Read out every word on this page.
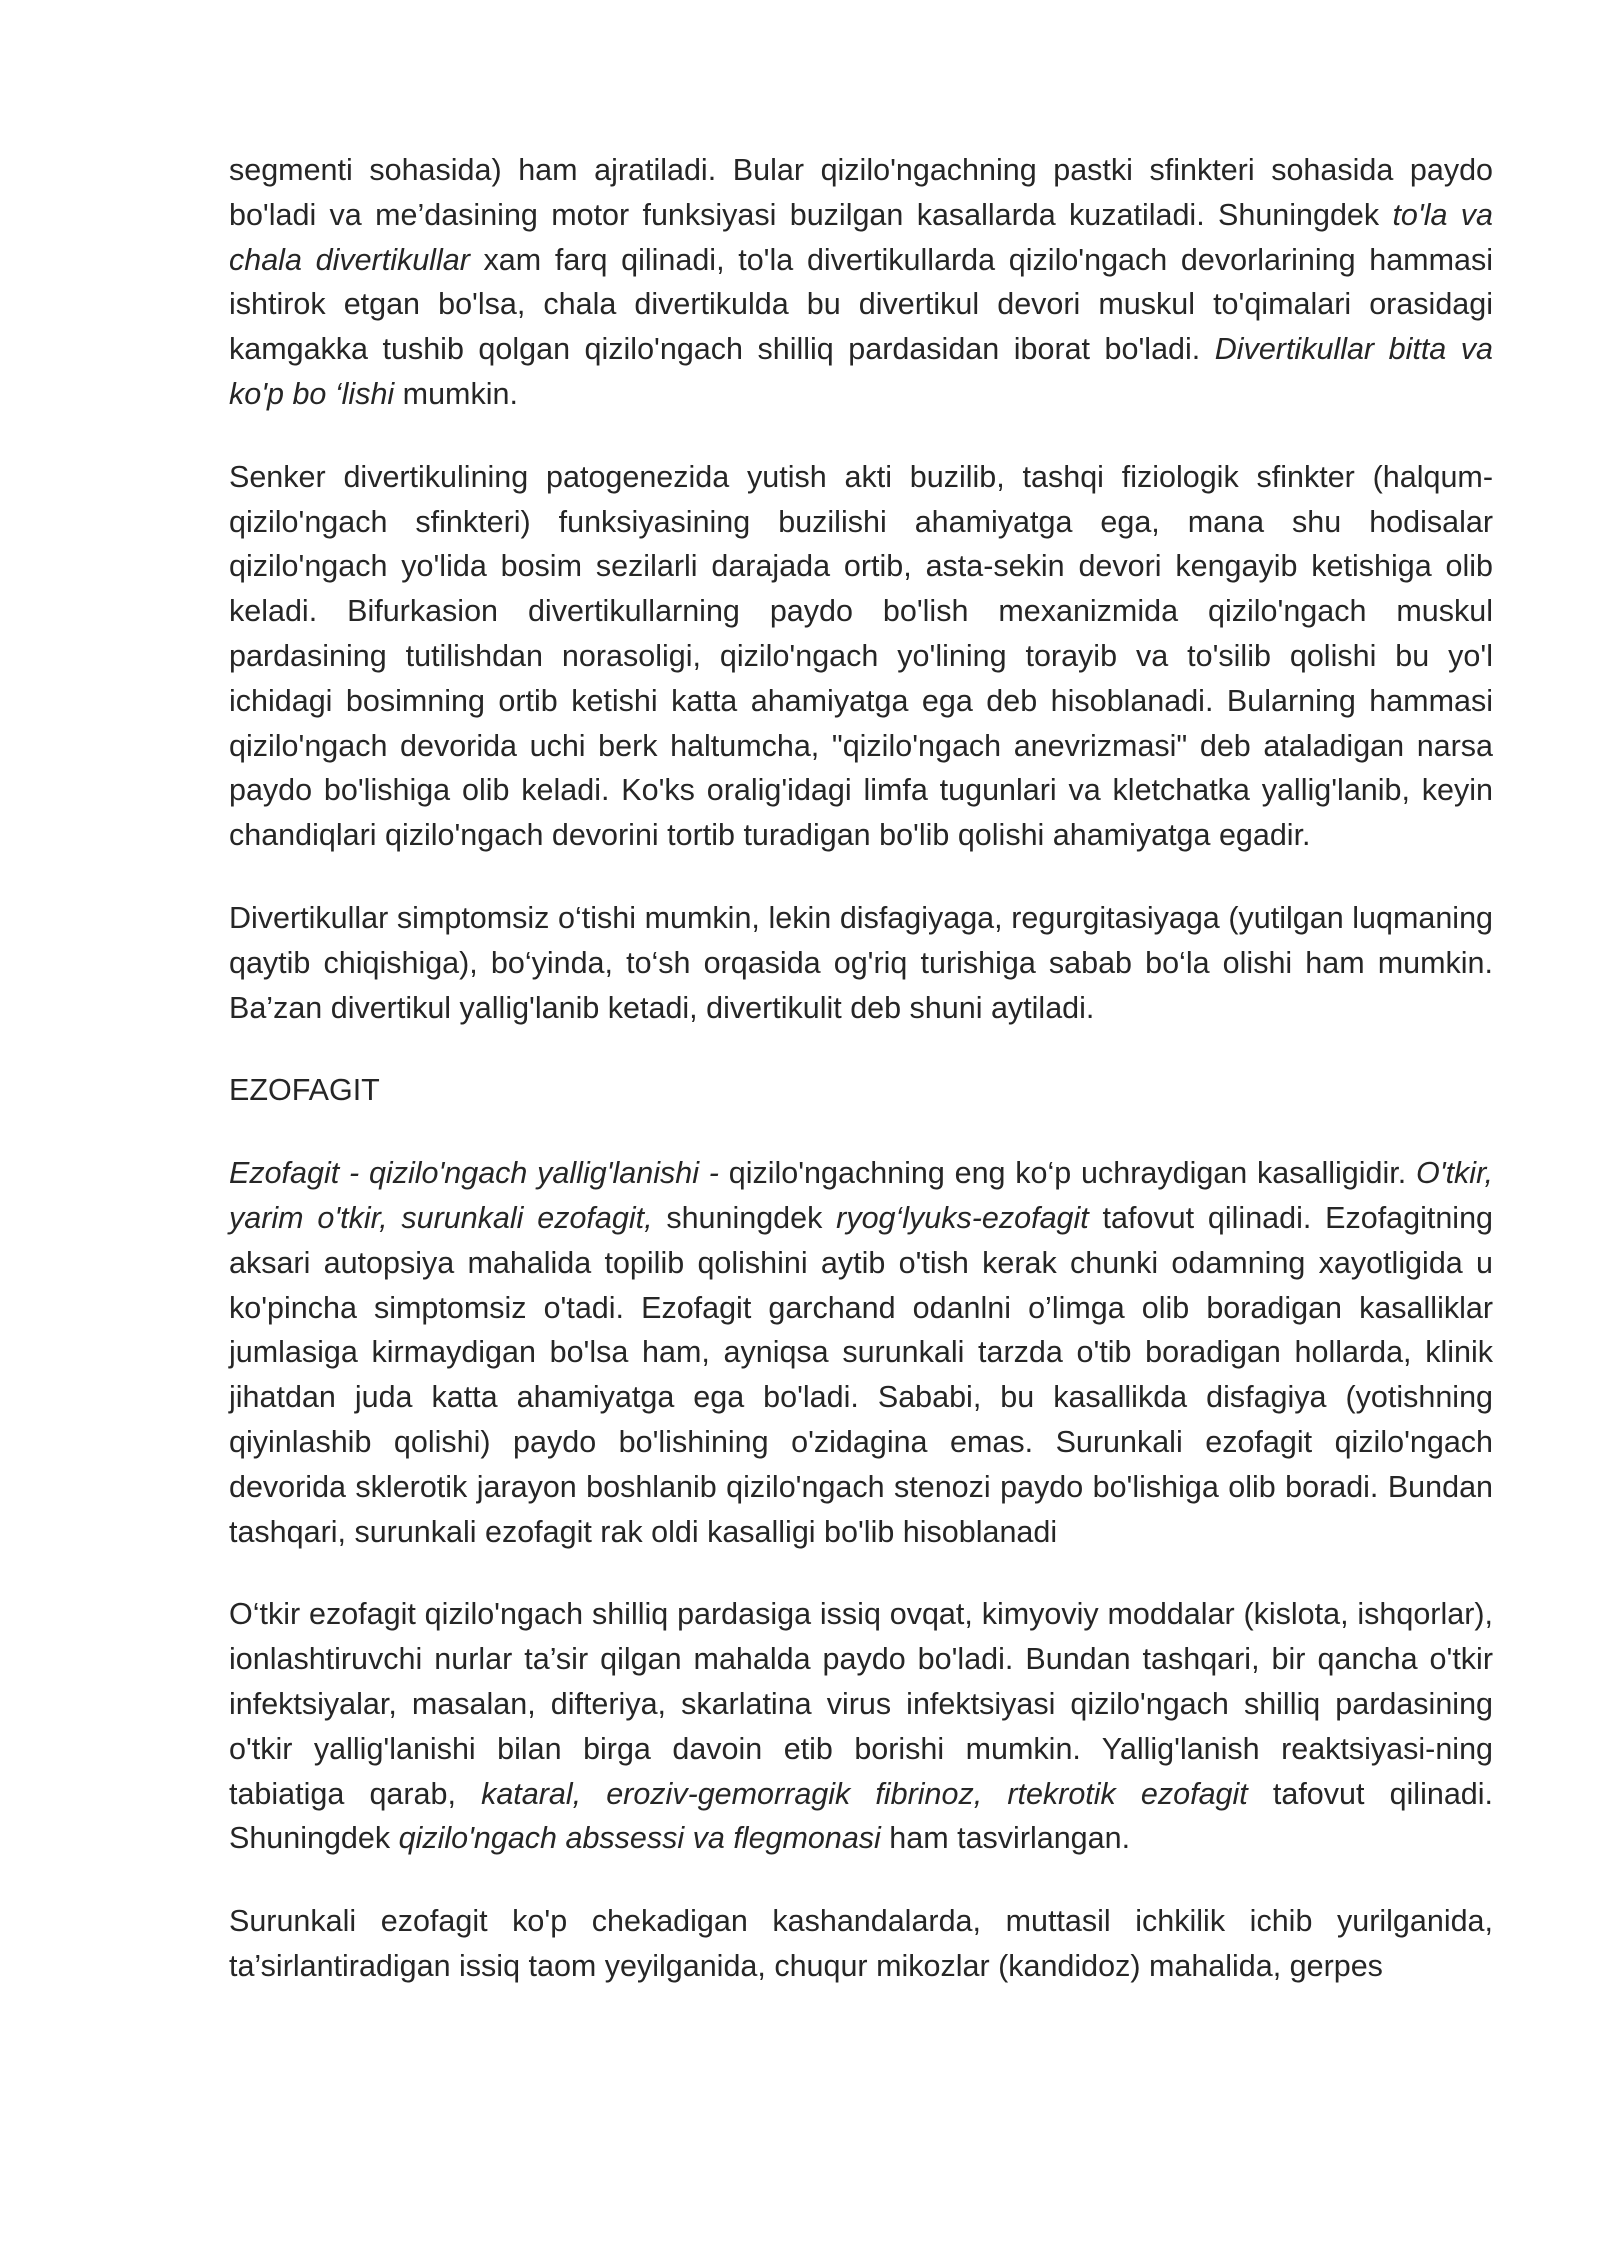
segmenti sohasida) ham ajratiladi. Bular qizilo'ngachning pastki sfinkteri sohasida paydo bo'ladi va me’dasining motor funksiyasi buzilgan kasallarda kuzatiladi. Shuningdek to'la va chala divertikullar xam farq qilinadi, to'la divertikullarda qizilo'ngach devorlarining hammasi ishtirok etgan bo'lsa, chala divertikulda bu divertikul devori muskul to'qimalari orasidagi kamgakka tushib qolgan qizilo'ngach shilliq pardasidan iborat bo'ladi. Divertikullar bitta va ko'p bo ‘lishi mumkin.

Senker divertikulining patogenezida yutish akti buzilib, tashqi fiziologik sfinkter (halqum-qizilo'ngach sfinkteri) funksiyasining buzilishi ahamiyatga ega, mana shu hodisalar qizilo'ngach yo'lida bosim sezilarli darajada ortib, asta-sekin devori kengayib ketishiga olib keladi. Bifurkasion divertikullarning paydo bo'lish mexanizmida qizilo'ngach muskul pardasining tutilishdan norasoligi, qizilo'ngach yo'lining torayib va to'silib qolishi bu yo'l ichidagi bosimning ortib ketishi katta ahamiyatga ega deb hisoblanadi. Bularning hammasi qizilo'ngach devorida uchi berk haltumcha, "qizilo'ngach anevrizmasi" deb ataladigan narsa paydo bo'lishiga olib keladi. Ko'ks oralig'idagi limfa tugunlari va kletchatka yallig'lanib, keyin chandiqlari qizilo'ngach devorini tortib turadigan bo'lib qolishi ahamiyatga egadir.

Divertikullar simptomsiz o‘tishi mumkin, lekin disfagiyaga, regurgitasiyaga (yutilgan luqmaning qaytib chiqishiga), bo‘yinda, to‘sh orqasida og'riq turishiga sabab bo‘la olishi ham mumkin. Ba’zan divertikul yallig'lanib ketadi, divertikulit deb shuni aytiladi.

EZOFAGIT

Ezofagit - qizilo'ngach yallig'lanishi - qizilo'ngachning eng ko‘p uchraydigan kasalligidir. O'tkir, yarim o'tkir, surunkali ezofagit, shuningdek ryog‘lyuks-ezofagit tafovut qilinadi. Ezofagitning aksari autopsiya mahalida topilib qolishini aytib o'tish kerak chunki odamning xayotligida u ko'pincha simptomsiz o'tadi. Ezofagit garchand odanlni o’limga olib boradigan kasalliklar jumlasiga kirmaydigan bo'lsa ham, ayniqsa surunkali tarzda o'tib boradigan hollarda, klinik jihatdan juda katta ahamiyatga ega bo'ladi. Sababi, bu kasallikda disfagiya (yotishning qiyinlashib qolishi) paydo bo'lishining o'zidagina emas. Surunkali ezofagit qizilo'ngach devorida sklerotik jarayon boshlanib qizilo'ngach stenozi paydo bo'lishiga olib boradi. Bundan tashqari, surunkali ezofagit rak oldi kasalligi bo'lib hisoblanadi

O‘tkir ezofagit qizilo'ngach shilliq pardasiga issiq ovqat, kimyoviy moddalar (kislota, ishqorlar), ionlashtiruvchi nurlar ta’sir qilgan mahalda paydo bo'ladi. Bundan tashqari, bir qancha o'tkir infektsiyalar, masalan, difteriya, skarlatina virus infektsiyasi qizilo'ngach shilliq pardasining o'tkir yallig'lanishi bilan birga davoin etib borishi mumkin. Yallig'lanish reaktsiyasi-ning tabiatiga qarab, kataral, eroziv-gemorragik fibrinoz, rtekrotik ezofagit tafovut qilinadi. Shuningdek qizilo'ngach abssessi va flegmonasi ham tasvirlangan.

Surunkali ezofagit ko'p chekadigan kashandalarda, muttasil ichkilik ichib yurilganida, ta’sirlantiradigan issiq taom yeyilganida, chuqur mikozlar (kandidoz) mahalida, gerpes
